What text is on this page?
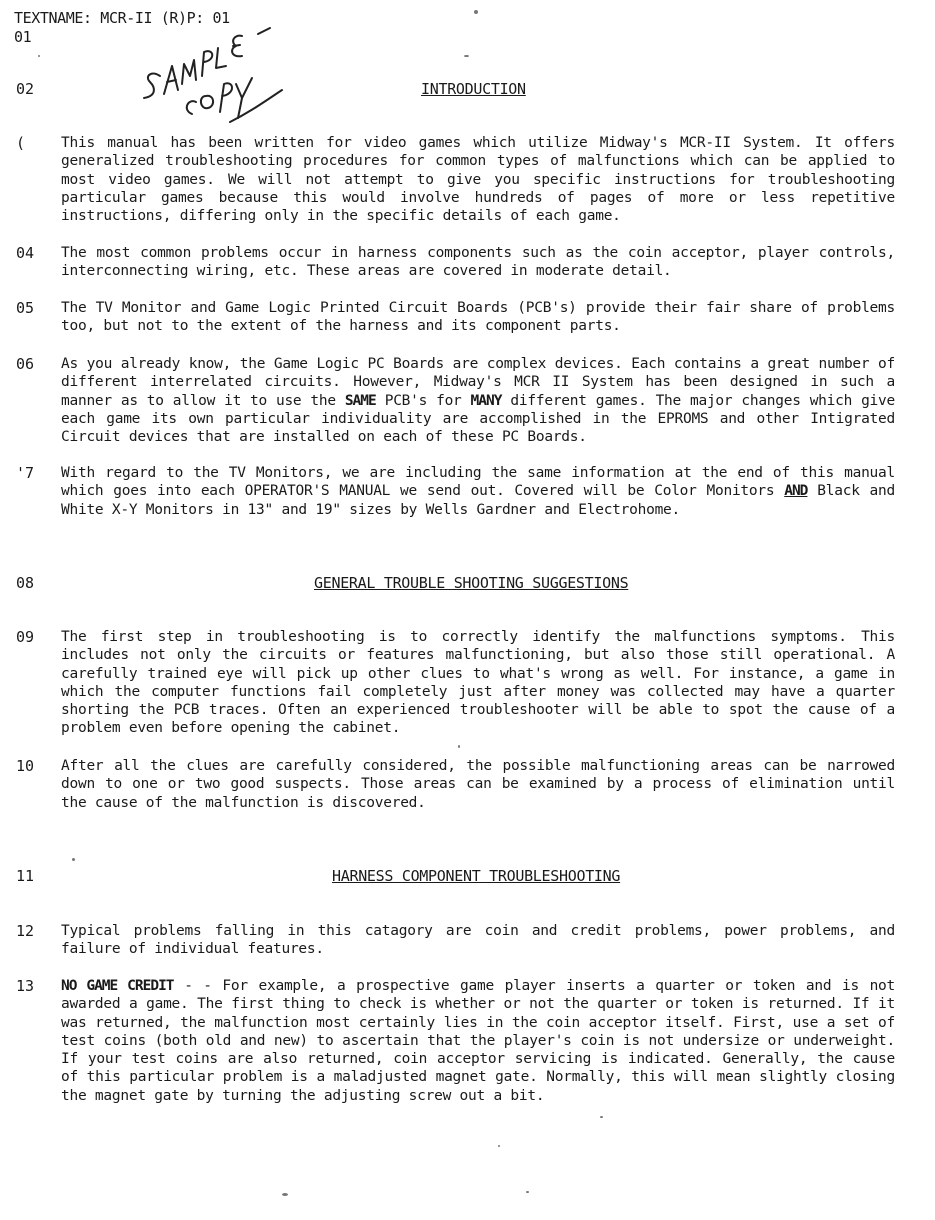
TEXTNAME: MCR-II (R)P: 01
01
02	INTRODUCTION
( This manual has been written for video games which utilize Midway's MCR-II System. It offers generalized troubleshooting procedures for common types of malfunctions which can be applied to most video games. We will not attempt to give you specific instructions for troubleshooting particular games because this would involve hundreds of pages of more or less repetitive instructions, differing only in the specific details of each game.
04 The most common problems occur in harness components such as the coin acceptor, player controls, interconnecting wiring, etc. These areas are covered in moderate detail.
05 The TV Monitor and Game Logic Printed Circuit Boards (PCB's) provide their fair share of problems too, but not to the extent of the harness and its component parts.
06 As you already know, the Game Logic PC Boards are complex devices. Each contains a great number of different interrelated circuits. However, Midway's MCR II System has been designed in such a manner as to allow it to use the SAME PCB's for MANY different games. The major changes which give each game its own particular individuality are accomplished in the EPROMS and other Intigrated Circuit devices that are installed on each of these PC Boards.
'7 With regard to the TV Monitors, we are including the same information at the end of this manual which goes into each OPERATOR'S MANUAL we send out. Covered will be Color Monitors AND Black and White X-Y Monitors in 13" and 19" sizes by Wells Gardner and Electrohome.
08	GENERAL TROUBLE SHOOTING SUGGESTIONS
09 The first step in troubleshooting is to correctly identify the malfunctions symptoms. This includes not only the circuits or features malfunctioning, but also those still operational. A carefully trained eye will pick up other clues to what's wrong as well. For instance, a game in which the computer functions fail completely just after money was collected may have a quarter shorting the PCB traces. Often an experienced troubleshooter will be able to spot the cause of a problem even before opening the cabinet.
10 After all the clues are carefully considered, the possible malfunctioning areas can be narrowed down to one or two good suspects. Those areas can be examined by a process of elimination until the cause of the malfunction is discovered.
11	HARNESS COMPONENT TROUBLESHOOTING
12 Typical problems falling in this catagory are coin and credit problems, power problems, and failure of individual features.
13 NO GAME CREDIT - - For example, a prospective game player inserts a quarter or token and is not awarded a game. The first thing to check is whether or not the quarter or token is returned. If it was returned, the malfunction most certainly lies in the coin acceptor itself. First, use a set of test coins (both old and new) to ascertain that the player's coin is not undersize or underweight. If your test coins are also returned, coin acceptor servicing is indicated. Generally, the cause of this particular problem is a maladjusted magnet gate. Normally, this will mean slightly closing the magnet gate by turning the adjusting screw out a bit.
